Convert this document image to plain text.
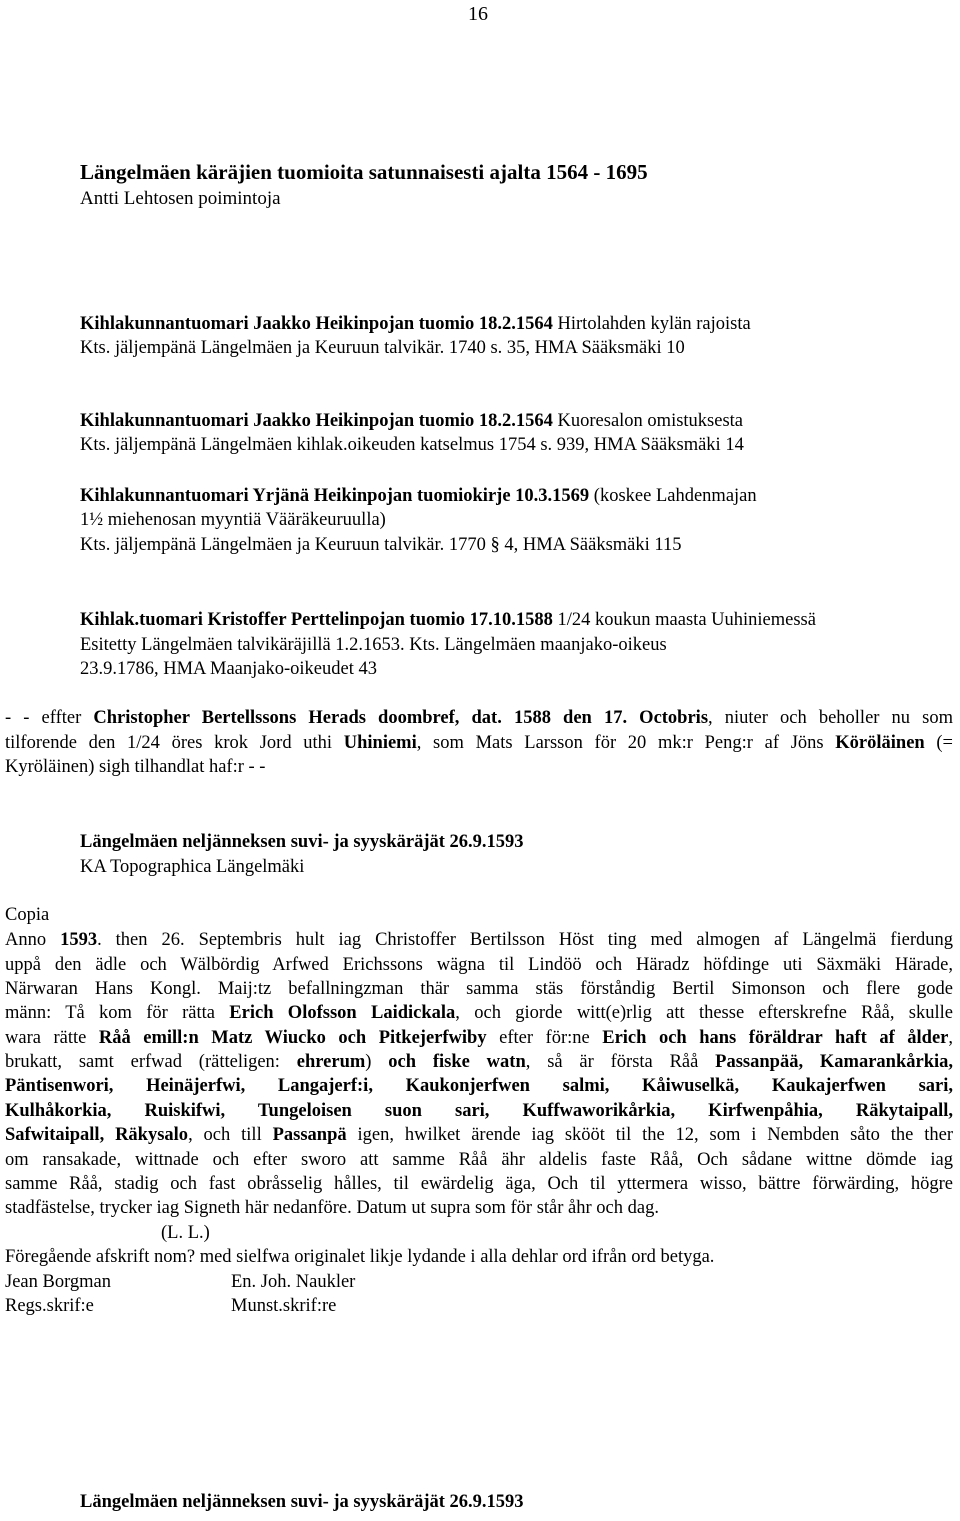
16
Längelmäen käräjien tuomioita satunnaisesti ajalta 1564 - 1695
Antti Lehtosen poimintoja
Kihlakunnantuomari Jaakko Heikinpojan tuomio 18.2.1564 Hirtolahden kylän rajoista
Kts. jäljempänä Längelmäen ja Keuruun talvikär. 1740 s. 35, HMA Sääksmäki 10
Kihlakunnantuomari Jaakko Heikinpojan tuomio 18.2.1564 Kuoresalon omistuksesta
Kts. jäljempänä Längelmäen kihlak.oikeuden katselmus 1754 s. 939, HMA Sääksmäki 14
Kihlakunnantuomari Yrjänä Heikinpojan tuomiokirje 10.3.1569 (koskee Lahdenmajan
1½ miehenosan myyntiä Vääräkeuruulla)
Kts. jäljempänä Längelmäen ja Keuruun talvikär. 1770 § 4, HMA Sääksmäki 115
Kihlak.tuomari Kristoffer Perttelinpojan tuomio 17.10.1588 1/24 koukun maasta Uuhiniemessä
Esitetty Längelmäen talvikäräjillä 1.2.1653. Kts. Längelmäen maanjako-oikeus
23.9.1786, HMA Maanjako-oikeudet 43
- - effter Christopher Bertellssons Herads doombref, dat. 1588 den 17. Octobris, niuter och beholler nu som
tilforende den 1/24 öres krok Jord uthi Uhiniemi, som Mats Larsson för 20 mk:r Peng:r af Jöns Köröläinen (=
Kyröläinen) sigh tilhandlat haf:r - -
Längelmäen neljänneksen suvi- ja syyskäräjät 26.9.1593
KA Topographica Längelmäki
Copia
Anno 1593. then 26. Septembris hult iag Christoffer Bertilsson Höst ting med almogen af Längelmä fierdung
uppå den ädle och Wälbördig Arfwed Erichssons wägna til Lindöö och Häradz höfdinge uti Säxmäki Härade,
Närwaran Hans Kongl. Maij:tz befallningzman thär samma stäs förståndig Bertil Simonson och flere gode
männ: Tå kom för rätta Erich Olofsson Laidickala, och giorde witt(e)rlig att thesse efterskrefne Råå, skulle
wara rätte Råå emill:n Matz Wiucko och Pitkejerfwiby efter för:ne Erich och hans föräldrar haft af ålder,
brukatt, samt erfwad (rätteligen: ehrerum) och fiske watn, så är första Råå Passanpää, Kamarankårkia,
Päntisenwori, Heinäjerfwi, Langajerf:i, Kaukonjerfwen salmi, Kåiwuselkä, Kaukajerfwen sari,
Kulhåkorkia, Ruiskifwi, Tungeloisen suon sari, Kuffwaworikårkia, Kirfwenpåhia, Räkytaipall,
Safwitaipall, Räkysalo, och till Passanpä igen, hwilket ärende iag skööt til the 12, som i Nembden såto the ther
om ransakade, wittnade och efter sworo att samme Råå ähr aldelis faste Råå, Och sådane wittne dömde iag
samme Råå, stadig och fast obråsselig hålles, til ewärdelig äga, Och til yttermera wisso, bättre förwärding, högre
stadfästelse, trycker iag Signeth här nedanföre. Datum ut supra som för står åhr och dag.
(L. L.)
Föregående afskrift nom? med sielfwa originalet likje lydande i alla dehlar ord ifrån ord betyga.
Jean Borgman
Regs.skrif:e
En. Joh. Naukler
Munst.skrif:re
Längelmäen neljänneksen suvi- ja syyskäräjät 26.9.1593
